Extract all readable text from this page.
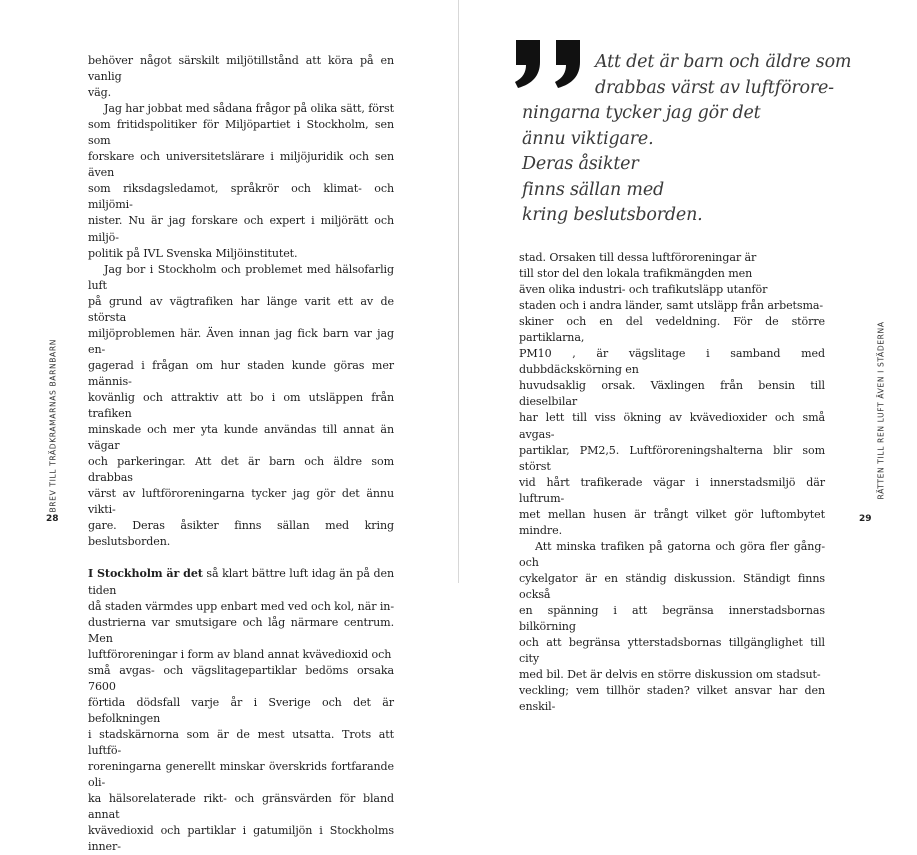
behöver något särskilt miljötillstånd att köra på en vanlig
väg.

Jag har jobbat med sådana frågor på olika sätt, först
som fritidspolitiker för Miljöpartiet i Stockholm, sen som
forskare och universitetslärare i miljöjuridik och sen även
som riksdagsledamot, språkrör och klimat- och miljömi-
nister. Nu är jag forskare och expert i miljörätt och miljö-
politik på IVL Svenska Miljöinstitutet.

Jag bor i Stockholm och problemet med hälsofarlig luft
på grund av vägtrafiken har länge varit ett av de största
miljöproblemen här. Även innan jag fick barn var jag en-
gagerad i frågan om hur staden kunde göras mer männis-
kovänlig och attraktiv att bo i om utsläppen från trafiken
minskade och mer yta kunde användas till annat än vägar
och parkeringar. Att det är barn och äldre som drabbas
värst av luftföroreningarna tycker jag gör det ännu vikti-
gare. Deras åsikter finns sällan med kring beslutsborden.

I Stockholm är det så klart bättre luft idag än på den tiden
då staden värmdes upp enbart med ved och kol, när in-
dustrierna var smutsigare och låg närmare centrum. Men
luftföroreningar i form av bland annat kvävedioxid och
små avgas- och vägslitagepartiklar bedöms orsaka 7600
förtida dödsfall varje år i Sverige och det är befolkningen
i stadskärnorna som är de mest utsatta. Trots att luftfö-
roreningarna generellt minskar överskrids fortfarande oli-
ka hälsorelaterade rikt- och gränsvärden för bland annat
kvävedioxid och partiklar i gatumiljön i Stockholms inner-

BREV TILL TRÄDKRAMARNAS BARNBARN
28
Att det är barn och äldre som
drabbas värst av luftförore-
ningarna tycker jag gör det
ännu viktigare.
Deras åsikter
finns sällan med
kring beslutsborden.

stad. Orsaken till dessa luftföroreningar är
till stor del den lokala trafikmängden men
även olika industri- och trafikutsläpp utanför
staden och i andra länder, samt utsläpp från arbetsma-
skiner och en del vedeldning. För de större partiklarna,
PM10 , är vägslitage i samband med dubbdäckskörning en
huvudsaklig orsak. Växlingen från bensin till dieselbilar
har lett till viss ökning av kvävedioxider och små avgas-
partiklar, PM2,5. Luftföroreningshalterna blir som störst
vid hårt trafikerade vägar i innerstadsmiljö där luftrum-
met mellan husen är trångt vilket gör luftombytet mindre.

Att minska trafiken på gatorna och göra fler gång- och
cykelgator är en ständig diskussion. Ständigt finns också
en spänning i att begränsa innerstadsbornas bilkörning
och att begränsa ytterstadsbornas tillgänglighet till city
med bil. Det är delvis en större diskussion om stadsut-
veckling; vem tillhör staden? vilket ansvar har den enskil-

RÄTTEN TILL REN LUFT ÄVEN I STÄDERNA
29
